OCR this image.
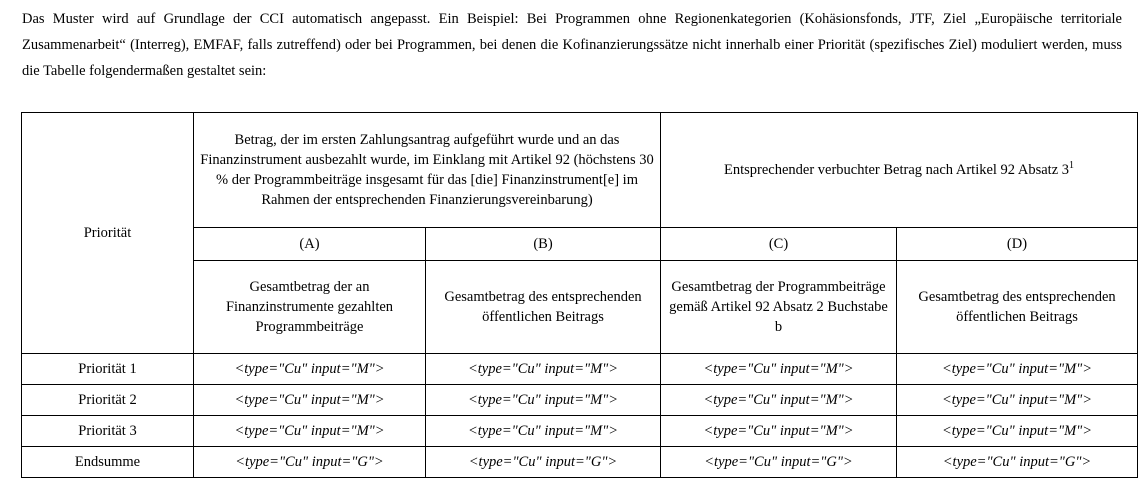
Das Muster wird auf Grundlage der CCI automatisch angepasst. Ein Beispiel: Bei Programmen ohne Regionenkategorien (Kohäsionsfonds, JTF, Ziel „Europäische territoriale Zusammenarbeit“ (Interreg), EMFAF, falls zutreffend) oder bei Programmen, bei denen die Kofinanzierungssätze nicht innerhalb einer Priorität (spezifisches Ziel) moduliert werden, muss die Tabelle folgendermaßen gestaltet sein:

Priorität	Betrag, der im ersten Zahlungsantrag aufgeführt wurde und an das Finanzinstrument ausbezahlt wurde, im Einklang mit Artikel 92 (höchstens 30 % der Programmbeiträge insgesamt für das [die] Finanzinstrument[e] im Rahmen der entsprechenden Finanzierungsvereinbarung)		Entsprechender verbuchter Betrag nach Artikel 92 Absatz $3^1$
	(A)	(B)	(C)	(D)
	Gesamtbetrag der an Finanzinstrumente gezahlten Programmbeiträge	Gesamtbetrag des entsprechenden öffentlichen Beitrags	Gesamtbetrag der Programmbeiträge gemäß Artikel 92 Absatz 2 Buchstabe b	Gesamtbetrag des entsprechenden öffentlichen Beitrags
Priorität 1	<type="Cu" input="M">	<type="Cu" input="M">	<type="Cu" input="M">	<type="Cu" input="M">
Priorität 2	<type="Cu" input="M">	<type="Cu" input="M">	<type="Cu" input="M">	<type="Cu" input="M">
Priorität 3	<type="Cu" input="M">	<type="Cu" input="M">	<type="Cu" input="M">	<type="Cu" input="M">
Endsumme	<type="Cu" input="G">	<type="Cu" input="G">	<type="Cu" input="G">	<type="Cu" input="G">
